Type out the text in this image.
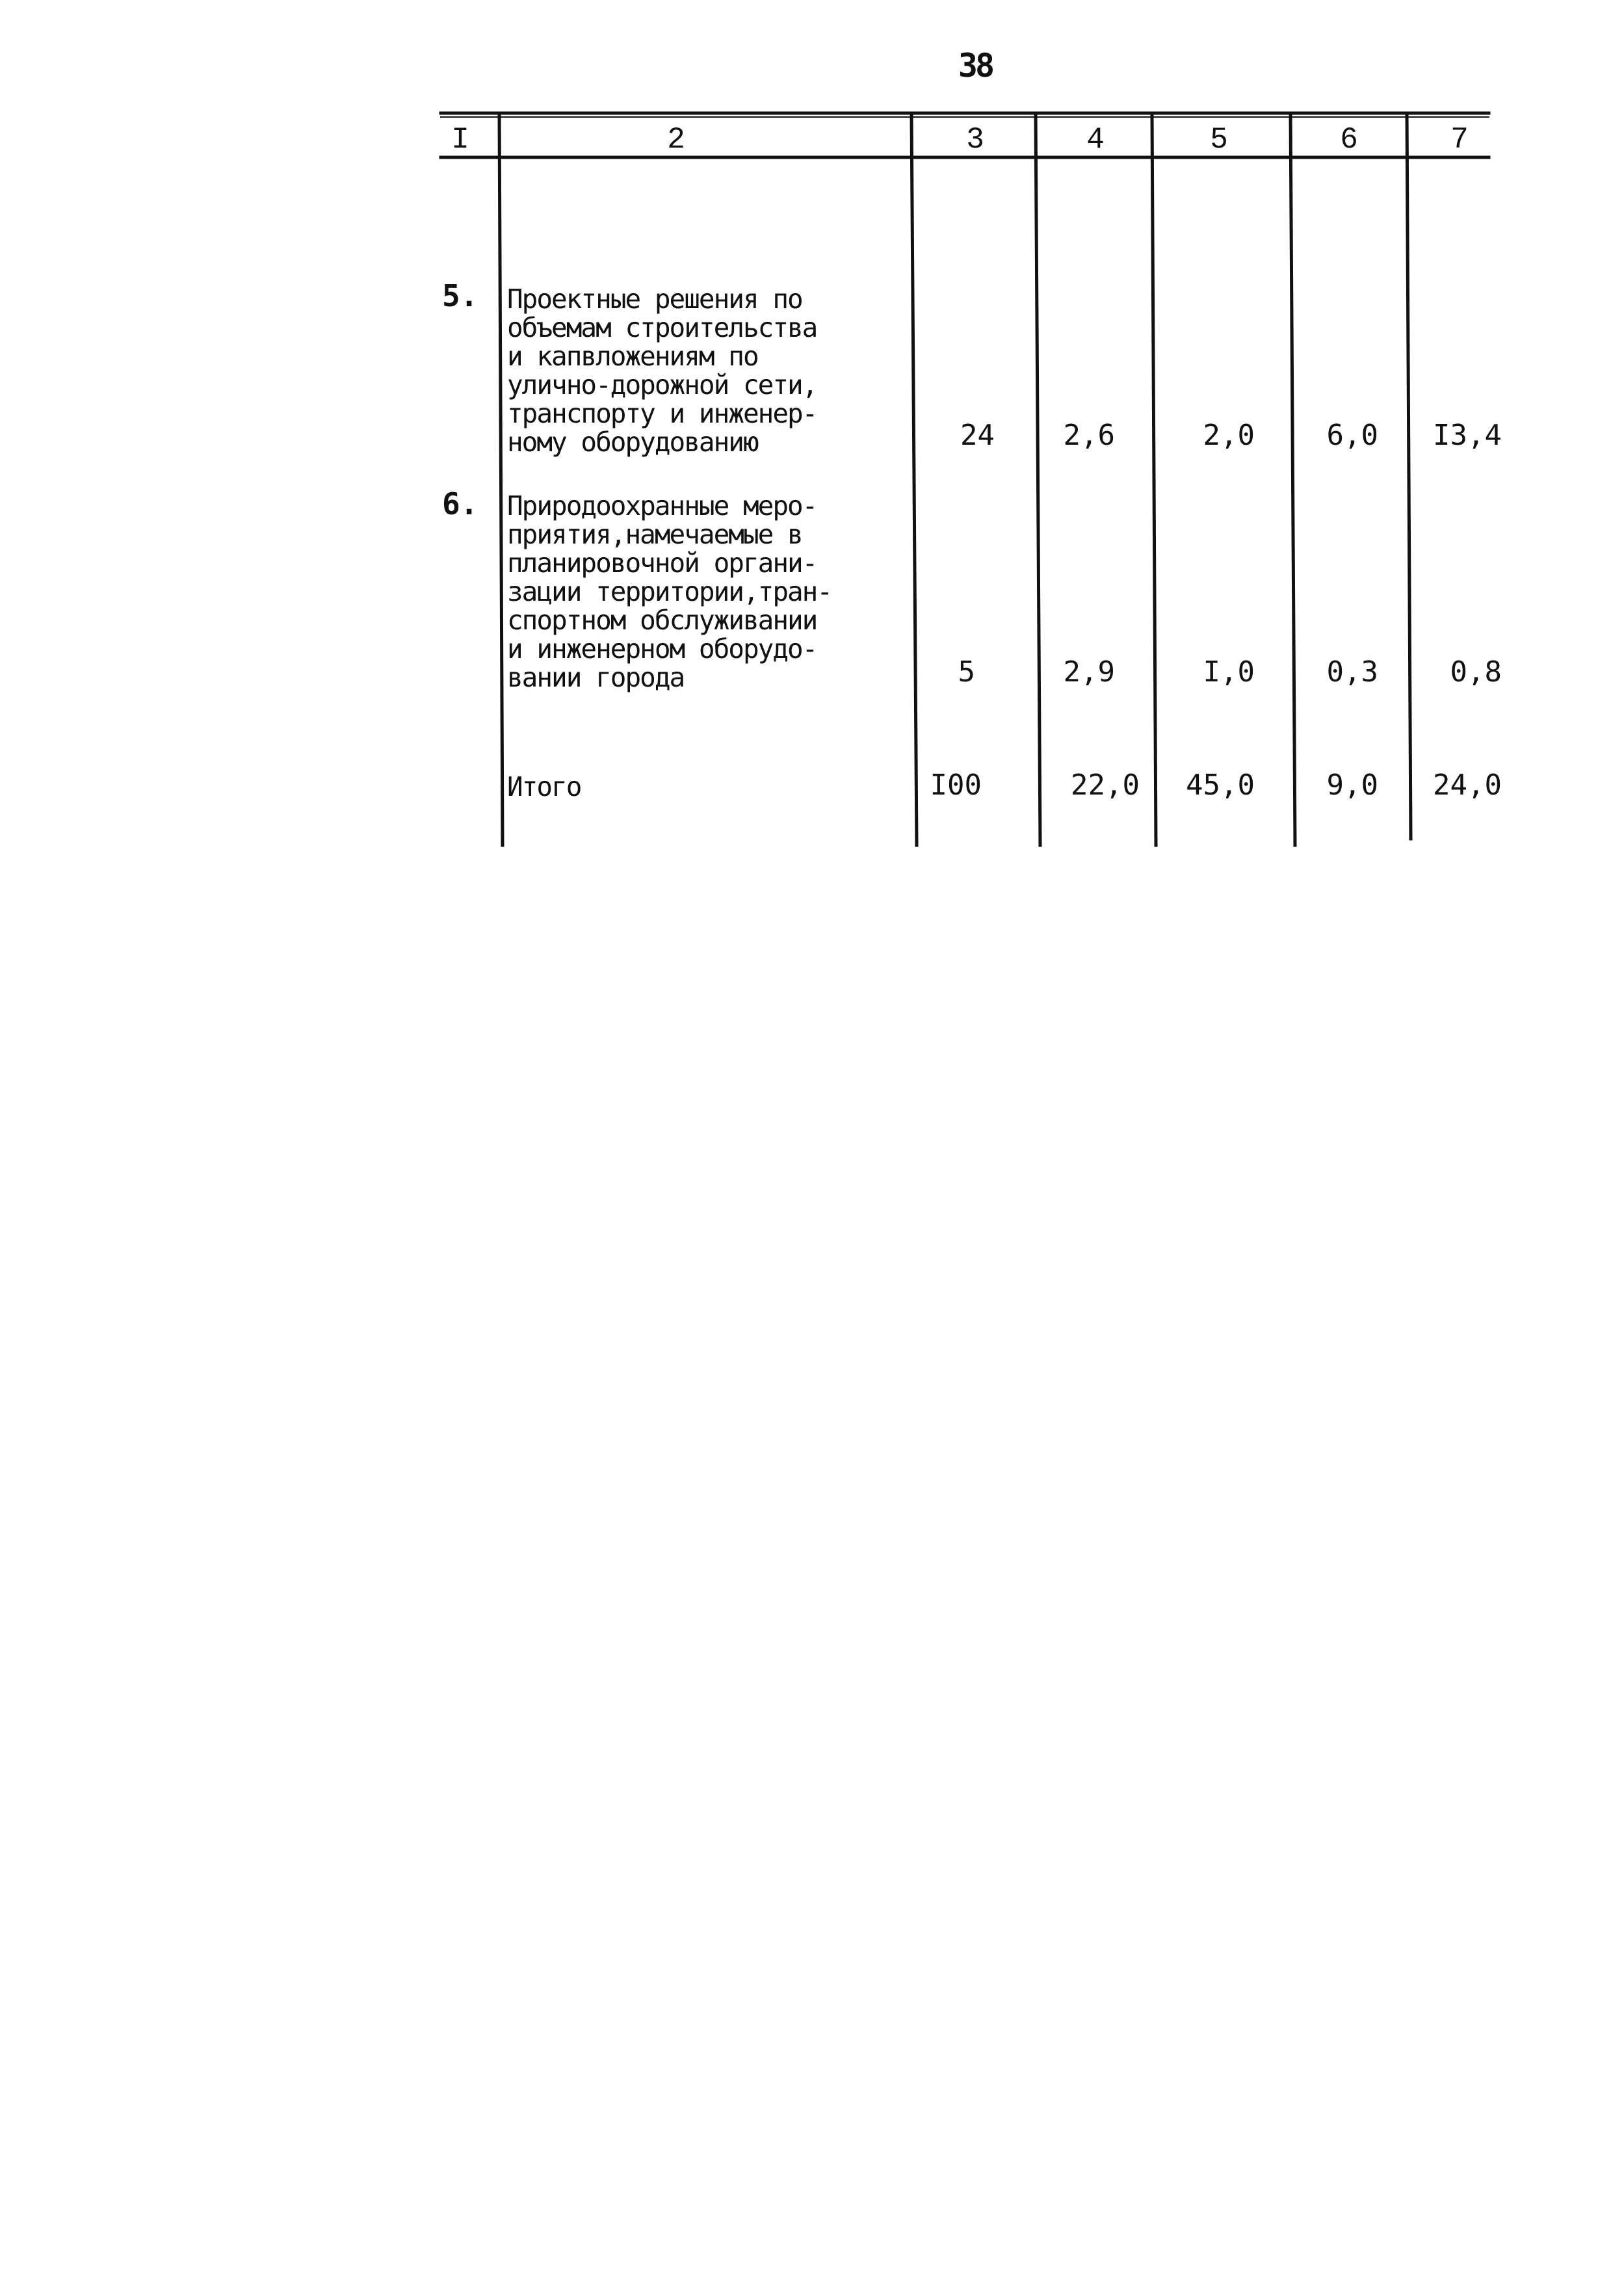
38
I	2	3	4	5	6	7
5. Проектные решения по
объемам строительства
и капвложениям по
улично-дорожной сети,
транспорту и инженер-
ному оборудованию	24	2,6	2,0	6,0	I3,4
6. Природоохранные меро-
приятия,намечаемые в
планировочной органи-
зации территории,тран-
спортном обслуживании
и инженерном оборудо-
вании города	5	2,9	I,0	0,3	0,8
Итого	I00	22,0	45,0	9,0	24,0
